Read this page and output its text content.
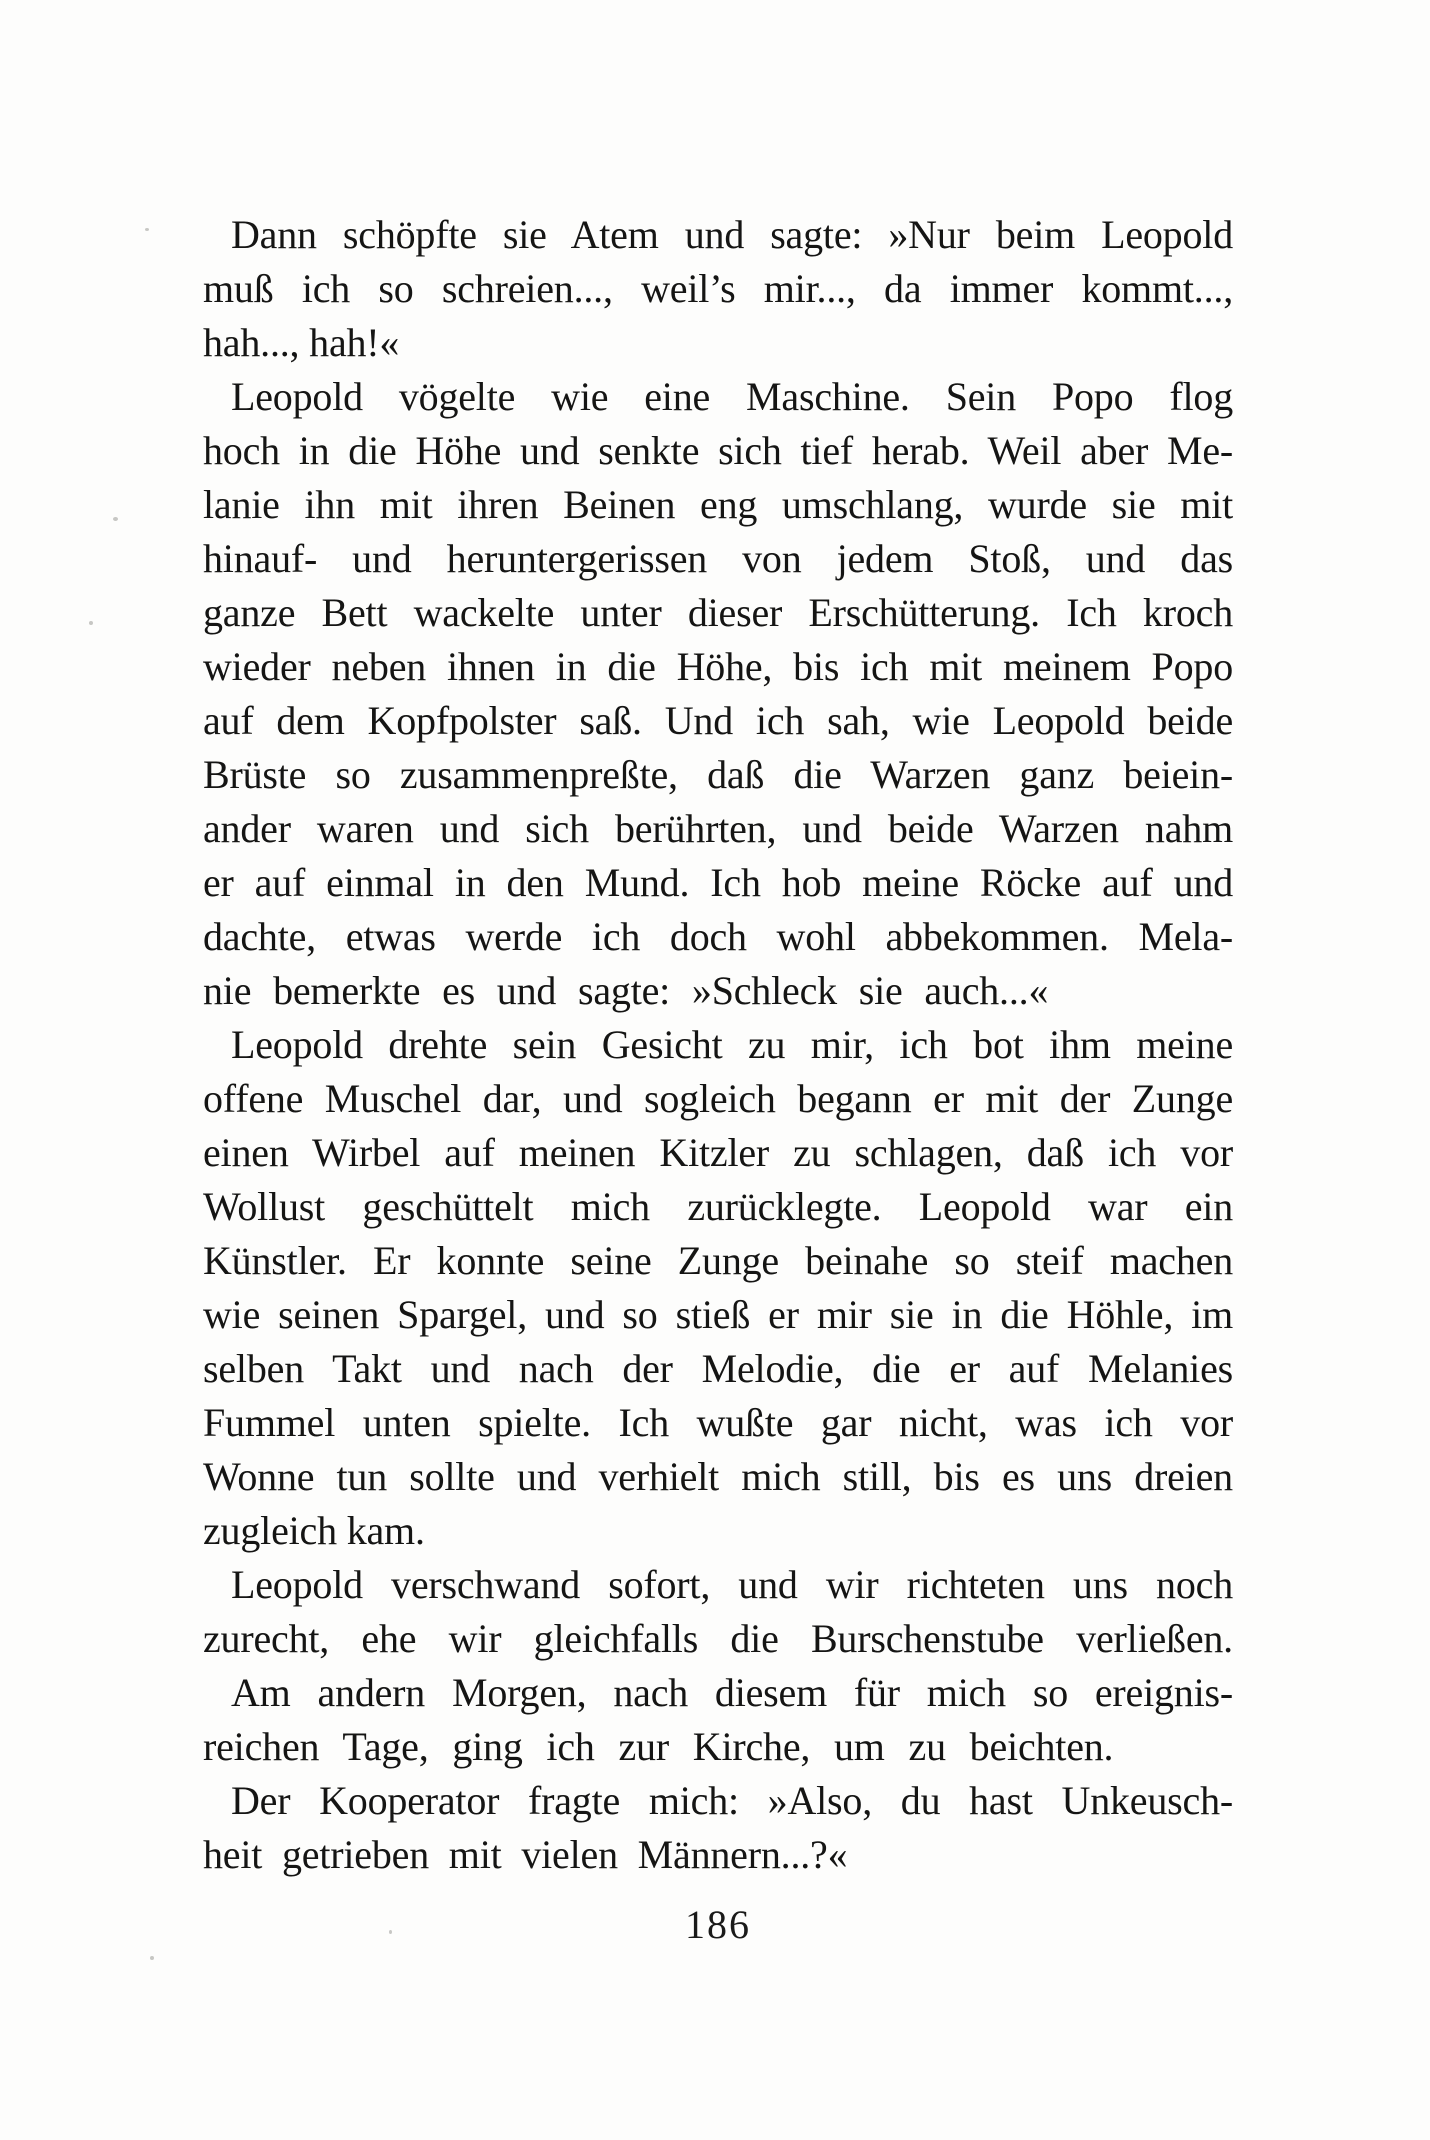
Dann schöpfte sie Atem und sagte: »Nur beim Leopold
muß ich so schreien..., weil’s mir..., da immer kommt...,
hah..., hah!«
Leopold vögelte wie eine Maschine. Sein Popo flog
hoch in die Höhe und senkte sich tief herab. Weil aber Me-
lanie ihn mit ihren Beinen eng umschlang, wurde sie mit
hinauf- und heruntergerissen von jedem Stoß, und das
ganze Bett wackelte unter dieser Erschütterung. Ich kroch
wieder neben ihnen in die Höhe, bis ich mit meinem Popo
auf dem Kopfpolster saß. Und ich sah, wie Leopold beide
Brüste so zusammenpreßte, daß die Warzen ganz beiein-
ander waren und sich berührten, und beide Warzen nahm
er auf einmal in den Mund. Ich hob meine Röcke auf und
dachte, etwas werde ich doch wohl abbekommen. Mela-
nie bemerkte es und sagte: »Schleck sie auch...«
Leopold drehte sein Gesicht zu mir, ich bot ihm meine
offene Muschel dar, und sogleich begann er mit der Zunge
einen Wirbel auf meinen Kitzler zu schlagen, daß ich vor
Wollust geschüttelt mich zurücklegte. Leopold war ein
Künstler. Er konnte seine Zunge beinahe so steif machen
wie seinen Spargel, und so stieß er mir sie in die Höhle, im
selben Takt und nach der Melodie, die er auf Melanies
Fummel unten spielte. Ich wußte gar nicht, was ich vor
Wonne tun sollte und verhielt mich still, bis es uns dreien
zugleich kam.
Leopold verschwand sofort, und wir richteten uns noch
zurecht, ehe wir gleichfalls die Burschenstube verließen.
Am andern Morgen, nach diesem für mich so ereignis-
reichen Tage, ging ich zur Kirche, um zu beichten.
Der Kooperator fragte mich: »Also, du hast Unkeusch-
heit getrieben mit vielen Männern...?«
186
